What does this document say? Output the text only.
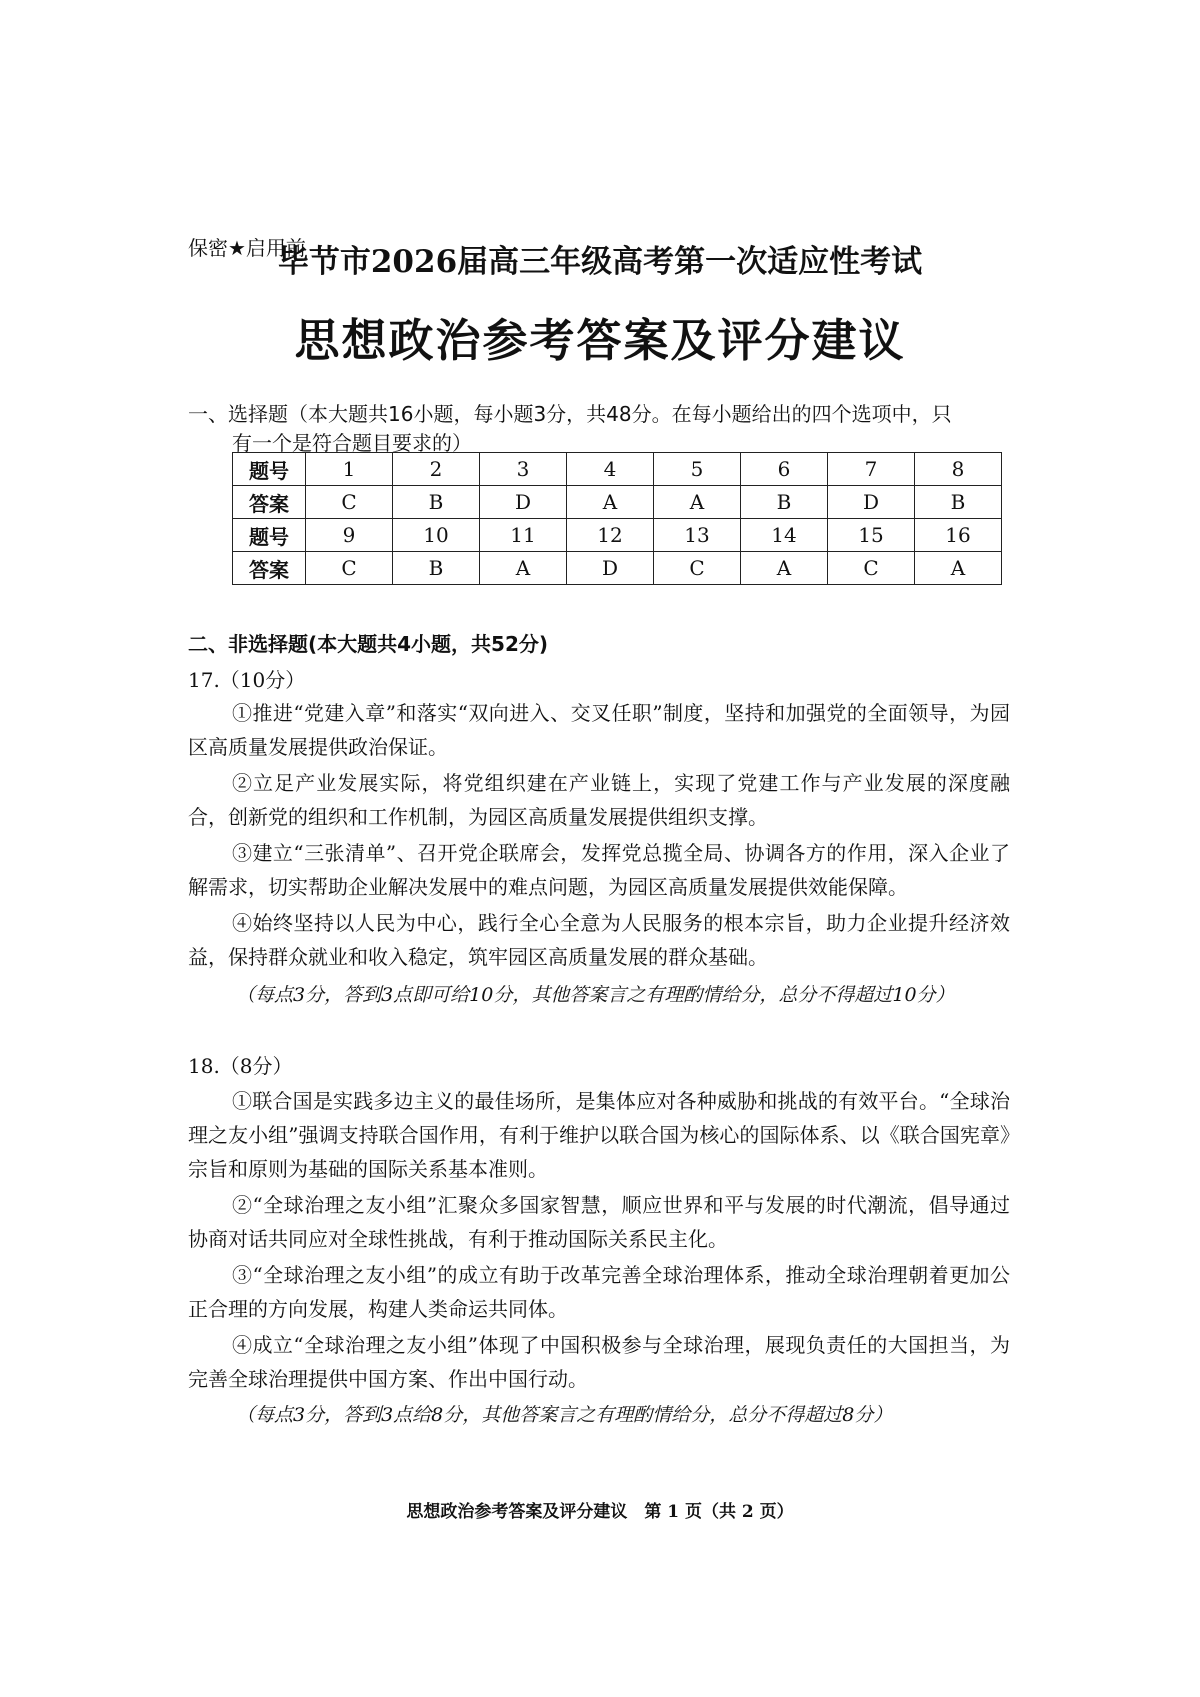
保密★启用前
毕节市2026届高三年级高考第一次适应性考试
思想政治参考答案及评分建议
一、选择题（本大题共16小题，每小题3分，共48分。在每小题给出的四个选项中，只
有一个是符合题目要求的）
题号	1	2	3	4	5	6	7	8
答案	C	B	D	A	A	B	D	B
题号	9	10	11	12	13	14	15	16
答案	C	B	A	D	C	A	C	A
二、非选择题(本大题共4小题，共52分)
17.（10分）
①推进“党建入章”和落实“双向进入、交叉任职”制度，坚持和加强党的全面领导，为园区高质量发展提供政治保证。
②立足产业发展实际，将党组织建在产业链上，实现了党建工作与产业发展的深度融合，创新党的组织和工作机制，为园区高质量发展提供组织支撑。
③建立“三张清单”、召开党企联席会，发挥党总揽全局、协调各方的作用，深入企业了解需求，切实帮助企业解决发展中的难点问题，为园区高质量发展提供效能保障。
④始终坚持以人民为中心，践行全心全意为人民服务的根本宗旨，助力企业提升经济效益，保持群众就业和收入稳定，筑牢园区高质量发展的群众基础。
（每点3分，答到3点即可给10分，其他答案言之有理酌情给分，总分不得超过10分）
18.（8分）
①联合国是实践多边主义的最佳场所，是集体应对各种威胁和挑战的有效平台。“全球治理之友小组”强调支持联合国作用，有利于维护以联合国为核心的国际体系、以《联合国宪章》宗旨和原则为基础的国际关系基本准则。
②“全球治理之友小组”汇聚众多国家智慧，顺应世界和平与发展的时代潮流，倡导通过协商对话共同应对全球性挑战，有利于推动国际关系民主化。
③“全球治理之友小组”的成立有助于改革完善全球治理体系，推动全球治理朝着更加公正合理的方向发展，构建人类命运共同体。
④成立“全球治理之友小组”体现了中国积极参与全球治理，展现负责任的大国担当，为完善全球治理提供中国方案、作出中国行动。
（每点3分，答到3点给8分，其他答案言之有理酌情给分，总分不得超过8分）
思想政治参考答案及评分建议　第 1 页（共 2 页）
